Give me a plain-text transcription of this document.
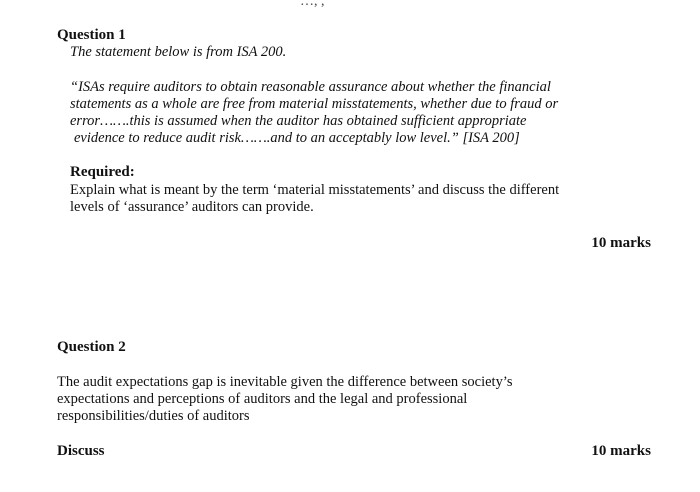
…, ,
Question 1
The statement below is from ISA 200.
“ISAs require auditors to obtain reasonable assurance about whether the financial
statements as a whole are free from material misstatements, whether due to fraud or
error…….this is assumed when the auditor has obtained sufficient appropriate
evidence to reduce audit risk…….and to an acceptably low level.” [ISA 200]
Required:
Explain what is meant by the term ‘material misstatements’ and discuss the different
levels of ‘assurance’ auditors can provide.
10 marks
Question 2
The audit expectations gap is inevitable given the difference between society’s
expectations and perceptions of auditors and the legal and professional
responsibilities/duties of auditors
Discuss	10 marks
